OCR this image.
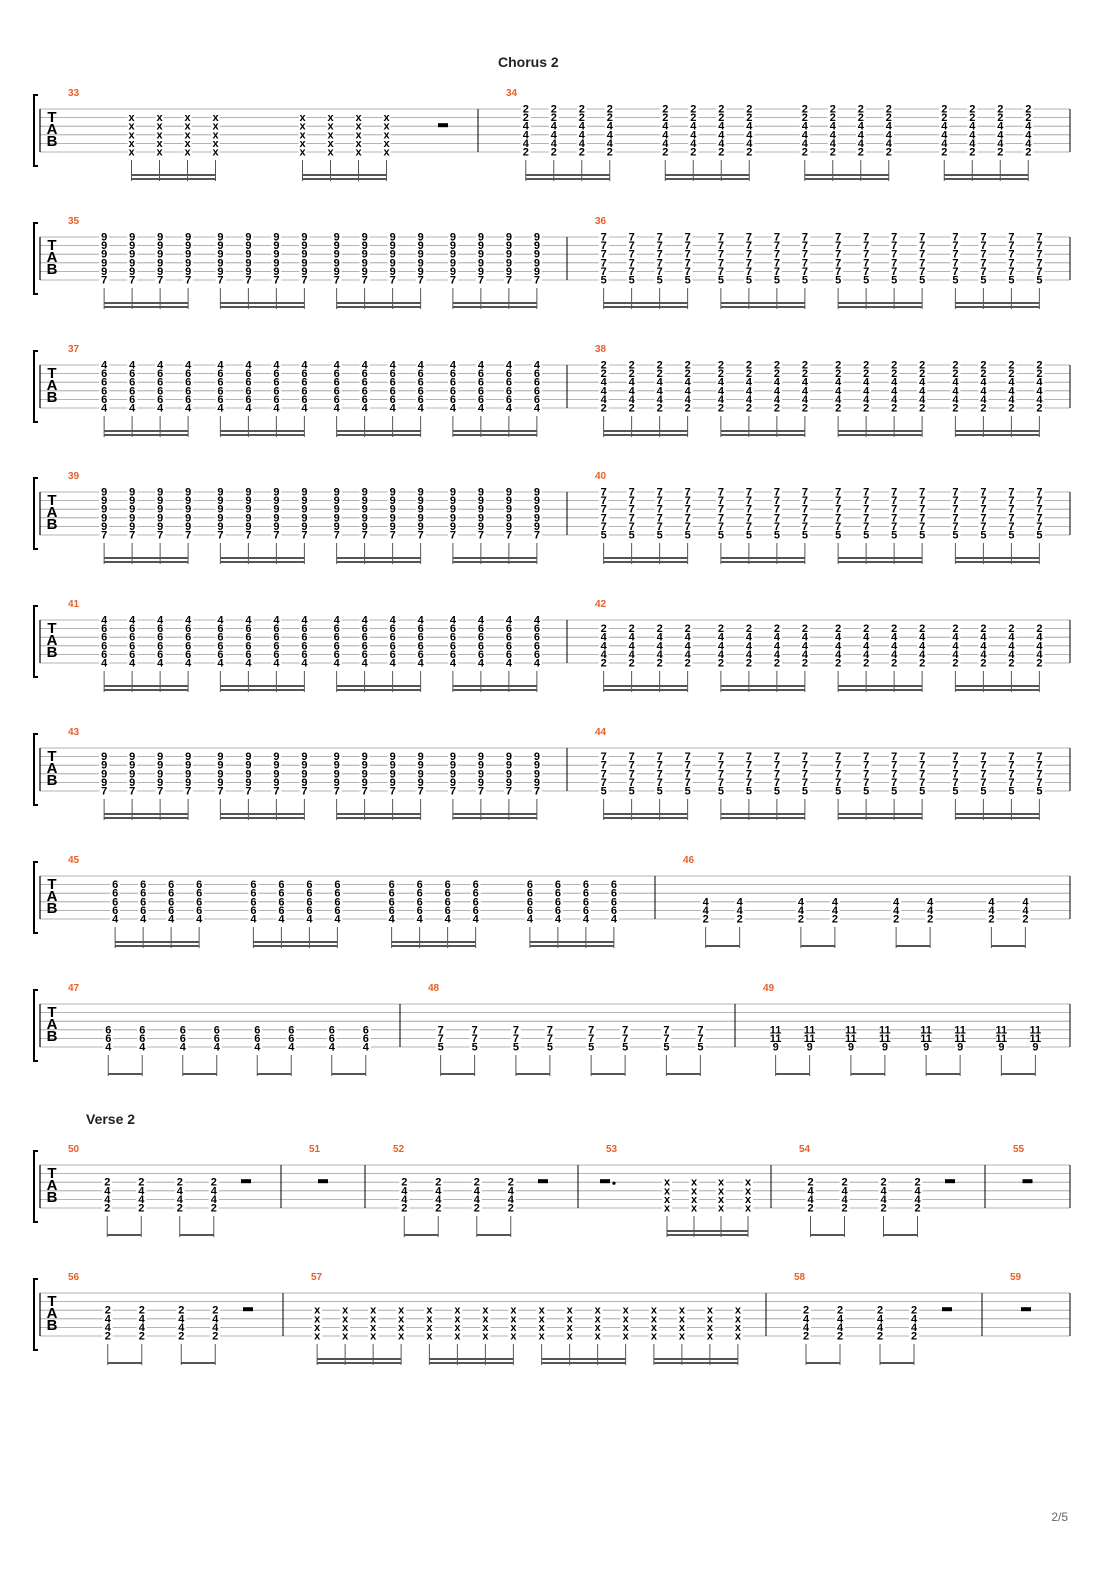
Chorus 2
Verse 2
T
A
B
33
x
x
x
x
x
x
x
x
x
x
x
x
x
x
x
x
x
x
x
x
x
x
x
x
x
x
x
x
x
x
x
x
x
x
x
x
x
x
x
x
34
2
2
4
4
4
2
2
2
4
4
4
2
2
2
4
4
4
2
2
2
4
4
4
2
2
2
4
4
4
2
2
2
4
4
4
2
2
2
4
4
4
2
2
2
4
4
4
2
2
2
4
4
4
2
2
2
4
4
4
2
2
2
4
4
4
2
2
2
4
4
4
2
2
2
4
4
4
2
2
2
4
4
4
2
2
2
4
4
4
2
2
2
4
4
4
2
T
A
B
35
9
9
9
9
9
7
9
9
9
9
9
7
9
9
9
9
9
7
9
9
9
9
9
7
9
9
9
9
9
7
9
9
9
9
9
7
9
9
9
9
9
7
9
9
9
9
9
7
9
9
9
9
9
7
9
9
9
9
9
7
9
9
9
9
9
7
9
9
9
9
9
7
9
9
9
9
9
7
9
9
9
9
9
7
9
9
9
9
9
7
9
9
9
9
9
7
36
7
7
7
7
7
5
7
7
7
7
7
5
7
7
7
7
7
5
7
7
7
7
7
5
7
7
7
7
7
5
7
7
7
7
7
5
7
7
7
7
7
5
7
7
7
7
7
5
7
7
7
7
7
5
7
7
7
7
7
5
7
7
7
7
7
5
7
7
7
7
7
5
7
7
7
7
7
5
7
7
7
7
7
5
7
7
7
7
7
5
7
7
7
7
7
5
T
A
B
37
4
6
6
6
6
4
4
6
6
6
6
4
4
6
6
6
6
4
4
6
6
6
6
4
4
6
6
6
6
4
4
6
6
6
6
4
4
6
6
6
6
4
4
6
6
6
6
4
4
6
6
6
6
4
4
6
6
6
6
4
4
6
6
6
6
4
4
6
6
6
6
4
4
6
6
6
6
4
4
6
6
6
6
4
4
6
6
6
6
4
4
6
6
6
6
4
38
2
2
4
4
4
2
2
2
4
4
4
2
2
2
4
4
4
2
2
2
4
4
4
2
2
2
4
4
4
2
2
2
4
4
4
2
2
2
4
4
4
2
2
2
4
4
4
2
2
2
4
4
4
2
2
2
4
4
4
2
2
2
4
4
4
2
2
2
4
4
4
2
2
2
4
4
4
2
2
2
4
4
4
2
2
2
4
4
4
2
2
2
4
4
4
2
T
A
B
39
9
9
9
9
9
7
9
9
9
9
9
7
9
9
9
9
9
7
9
9
9
9
9
7
9
9
9
9
9
7
9
9
9
9
9
7
9
9
9
9
9
7
9
9
9
9
9
7
9
9
9
9
9
7
9
9
9
9
9
7
9
9
9
9
9
7
9
9
9
9
9
7
9
9
9
9
9
7
9
9
9
9
9
7
9
9
9
9
9
7
9
9
9
9
9
7
40
7
7
7
7
7
5
7
7
7
7
7
5
7
7
7
7
7
5
7
7
7
7
7
5
7
7
7
7
7
5
7
7
7
7
7
5
7
7
7
7
7
5
7
7
7
7
7
5
7
7
7
7
7
5
7
7
7
7
7
5
7
7
7
7
7
5
7
7
7
7
7
5
7
7
7
7
7
5
7
7
7
7
7
5
7
7
7
7
7
5
7
7
7
7
7
5
T
A
B
41
4
6
6
6
6
4
4
6
6
6
6
4
4
6
6
6
6
4
4
6
6
6
6
4
4
6
6
6
6
4
4
6
6
6
6
4
4
6
6
6
6
4
4
6
6
6
6
4
4
6
6
6
6
4
4
6
6
6
6
4
4
6
6
6
6
4
4
6
6
6
6
4
4
6
6
6
6
4
4
6
6
6
6
4
4
6
6
6
6
4
4
6
6
6
6
4
42
2
4
4
4
2
2
4
4
4
2
2
4
4
4
2
2
4
4
4
2
2
4
4
4
2
2
4
4
4
2
2
4
4
4
2
2
4
4
4
2
2
4
4
4
2
2
4
4
4
2
2
4
4
4
2
2
4
4
4
2
2
4
4
4
2
2
4
4
4
2
2
4
4
4
2
2
4
4
4
2
T
A
B
43
9
9
9
9
7
9
9
9
9
7
9
9
9
9
7
9
9
9
9
7
9
9
9
9
7
9
9
9
9
7
9
9
9
9
7
9
9
9
9
7
9
9
9
9
7
9
9
9
9
7
9
9
9
9
7
9
9
9
9
7
9
9
9
9
7
9
9
9
9
7
9
9
9
9
7
9
9
9
9
7
44
7
7
7
7
5
7
7
7
7
5
7
7
7
7
5
7
7
7
7
5
7
7
7
7
5
7
7
7
7
5
7
7
7
7
5
7
7
7
7
5
7
7
7
7
5
7
7
7
7
5
7
7
7
7
5
7
7
7
7
5
7
7
7
7
5
7
7
7
7
5
7
7
7
7
5
7
7
7
7
5
T
A
B
45
6
6
6
6
4
6
6
6
6
4
6
6
6
6
4
6
6
6
6
4
6
6
6
6
4
6
6
6
6
4
6
6
6
6
4
6
6
6
6
4
6
6
6
6
4
6
6
6
6
4
6
6
6
6
4
6
6
6
6
4
6
6
6
6
4
6
6
6
6
4
6
6
6
6
4
6
6
6
6
4
46
4
4
2
4
4
2
4
4
2
4
4
2
4
4
2
4
4
2
4
4
2
4
4
2
T
A
B
47
6
6
4
6
6
4
6
6
4
6
6
4
6
6
4
6
6
4
6
6
4
6
6
4
48
7
7
5
7
7
5
7
7
5
7
7
5
7
7
5
7
7
5
7
7
5
7
7
5
49
11
11
9
11
11
9
11
11
9
11
11
9
11
11
9
11
11
9
11
11
9
11
11
9
T
A
B
50
2
4
4
2
2
4
4
2
2
4
4
2
2
4
4
2
51	52
2
4
4
2
2
4
4
2
2
4
4
2
2
4
4
2
53
x
x
x
x
x
x
x
x
x
x
x
x
x
x
x
x
54
2
4
4
2
2
4
4
2
2
4
4
2
2
4
4
2
55
T
A
B
56
2
4
4
2
2
4
4
2
2
4
4
2
2
4
4
2
57
x
x
x
x
x
x
x
x
x
x
x
x
x
x
x
x
x
x
x
x
x
x
x
x
x
x
x
x
x
x
x
x
x
x
x
x
x
x
x
x
x
x
x
x
x
x
x
x
x
x
x
x
x
x
x
x
x
x
x
x
x
x
x
x
58
2
4
4
2
2
4
4
2
2
4
4
2
2
4
4
2
59
2/5
